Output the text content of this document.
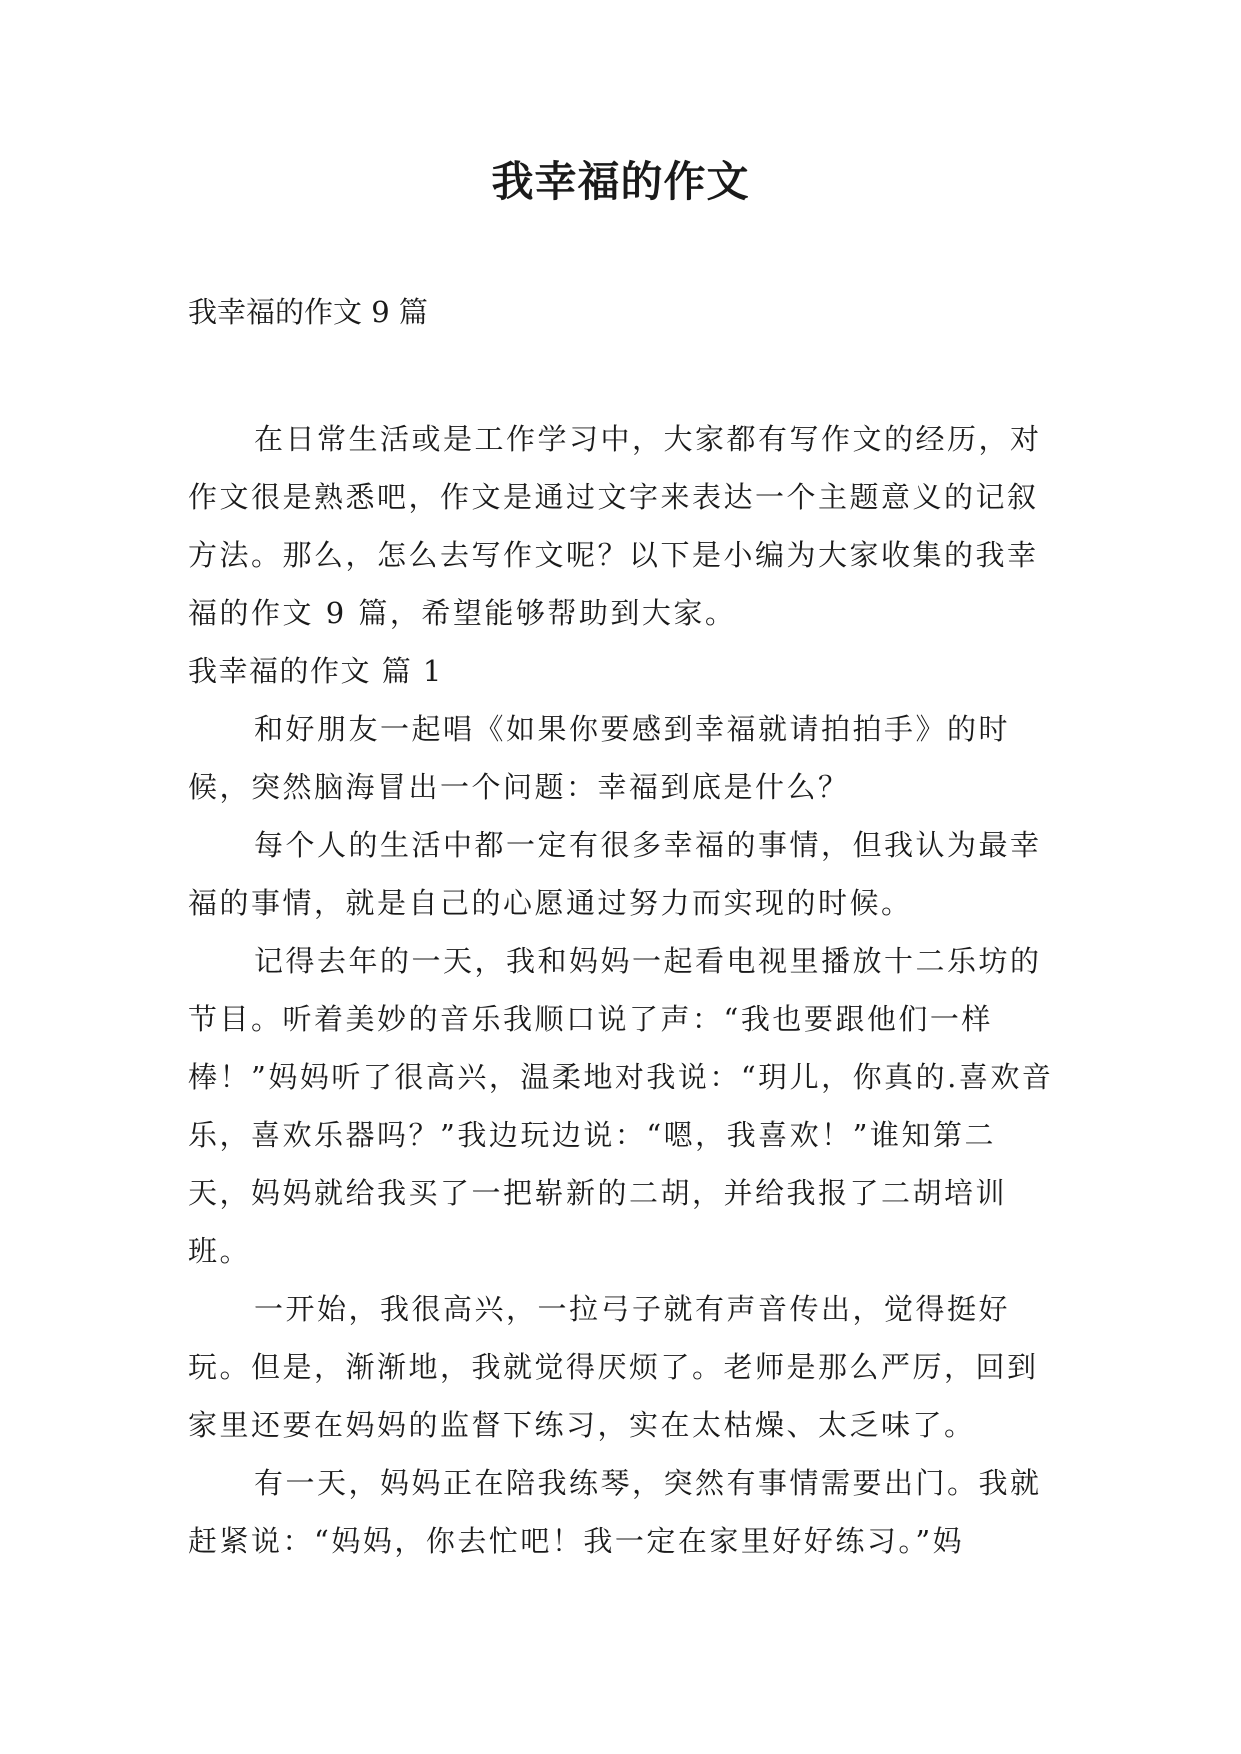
我幸福的作文
我幸福的作文 9 篇

在日常生活或是工作学习中，大家都有写作文的经历，对作文很是熟悉吧，作文是通过文字来表达一个主题意义的记叙方法。那么，怎么去写作文呢？以下是小编为大家收集的我幸福的作文 9 篇，希望能够帮助到大家。

我幸福的作文 篇 1

和好朋友一起唱《如果你要感到幸福就请拍拍手》的时候，突然脑海冒出一个问题：幸福到底是什么？

每个人的生活中都一定有很多幸福的事情，但我认为最幸福的事情，就是自己的心愿通过努力而实现的时候。

记得去年的一天，我和妈妈一起看电视里播放十二乐坊的节目。听着美妙的音乐我顺口说了声：“我也要跟他们一样棒！”妈妈听了很高兴，温柔地对我说：“玥儿，你真的.喜欢音乐，喜欢乐器吗？”我边玩边说：“嗯，我喜欢！”谁知第二天，妈妈就给我买了一把崭新的二胡，并给我报了二胡培训班。

一开始，我很高兴，一拉弓子就有声音传出，觉得挺好玩。但是，渐渐地，我就觉得厌烦了。老师是那么严厉，回到家里还要在妈妈的监督下练习，实在太枯燥、太乏味了。

有一天，妈妈正在陪我练琴，突然有事情需要出门。我就赶紧说：“妈妈，你去忙吧！我一定在家里好好练习。”妈
